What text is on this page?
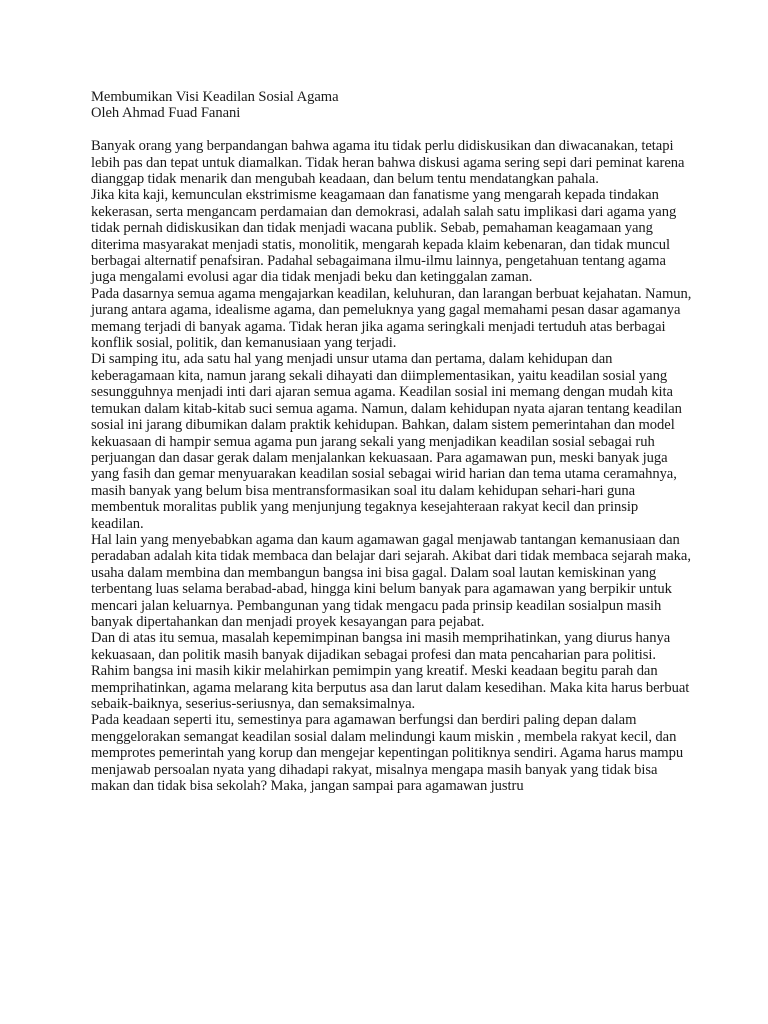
Membumikan Visi Keadilan Sosial Agama

Oleh Ahmad Fuad Fanani

Banyak orang yang berpandangan bahwa agama itu tidak perlu didiskusikan dan diwacanakan, tetapi lebih pas dan tepat untuk diamalkan. Tidak heran bahwa diskusi agama sering sepi dari peminat karena dianggap tidak menarik dan mengubah keadaan, dan belum tentu mendatangkan pahala.

Jika kita kaji, kemunculan ekstrimisme keagamaan dan fanatisme yang mengarah kepada tindakan kekerasan, serta mengancam perdamaian dan demokrasi, adalah salah satu implikasi dari agama yang tidak pernah didiskusikan dan tidak menjadi wacana publik. Sebab, pemahaman keagamaan yang diterima masyarakat menjadi statis, monolitik, mengarah kepada klaim kebenaran, dan tidak muncul berbagai alternatif penafsiran. Padahal sebagaimana ilmu-ilmu lainnya, pengetahuan tentang agama juga mengalami evolusi agar dia tidak menjadi beku dan ketinggalan zaman.

Pada dasarnya semua agama mengajarkan keadilan, keluhuran, dan larangan berbuat kejahatan. Namun, jurang antara agama, idealisme agama, dan pemeluknya yang gagal memahami pesan dasar agamanya memang terjadi di banyak agama. Tidak heran jika agama seringkali menjadi tertuduh atas berbagai konflik sosial, politik, dan kemanusiaan yang terjadi.

Di samping itu, ada satu hal yang menjadi unsur utama dan pertama, dalam kehidupan dan keberagamaan kita, namun jarang sekali dihayati dan diimplementasikan, yaitu keadilan sosial yang sesungguhnya menjadi inti dari ajaran semua agama. Keadilan sosial ini memang dengan mudah kita temukan dalam kitab-kitab suci semua agama. Namun, dalam kehidupan nyata ajaran tentang keadilan sosial ini jarang dibumikan dalam praktik kehidupan. Bahkan, dalam sistem pemerintahan dan model kekuasaan di hampir semua agama pun jarang sekali yang menjadikan keadilan sosial sebagai ruh perjuangan dan dasar gerak dalam menjalankan kekuasaan. Para agamawan pun, meski banyak juga yang fasih dan gemar menyuarakan keadilan sosial sebagai wirid harian dan tema utama ceramahnya, masih banyak yang belum bisa mentransformasikan soal itu dalam kehidupan sehari-hari guna membentuk moralitas publik yang menjunjung tegaknya kesejahteraan rakyat kecil dan prinsip keadilan.

Hal lain yang menyebabkan agama dan kaum agamawan gagal menjawab tantangan kemanusiaan dan peradaban adalah kita tidak membaca dan belajar dari sejarah. Akibat dari tidak membaca sejarah maka, usaha dalam membina dan membangun bangsa ini bisa gagal. Dalam soal lautan kemiskinan yang terbentang luas selama berabad-abad, hingga kini belum banyak para agamawan yang berpikir untuk mencari jalan keluarnya. Pembangunan yang tidak mengacu pada prinsip keadilan sosialpun masih banyak dipertahankan dan menjadi proyek kesayangan para pejabat.

Dan di atas itu semua, masalah kepemimpinan bangsa ini masih memprihatinkan, yang diurus hanya kekuasaan, dan politik masih banyak dijadikan sebagai profesi dan mata pencaharian para politisi. Rahim bangsa ini masih kikir melahirkan pemimpin yang kreatif. Meski keadaan begitu parah dan memprihatinkan, agama melarang kita berputus asa dan larut dalam kesedihan. Maka kita harus berbuat sebaik-baiknya, seserius-seriusnya, dan semaksimalnya.

Pada keadaan seperti itu, semestinya para agamawan berfungsi dan berdiri paling depan dalam menggelorakan semangat keadilan sosial dalam melindungi kaum miskin , membela rakyat kecil, dan memprotes pemerintah yang korup dan mengejar kepentingan politiknya sendiri. Agama harus mampu menjawab persoalan nyata yang dihadapi rakyat, misalnya mengapa masih banyak yang tidak bisa makan dan tidak bisa sekolah? Maka, jangan sampai para agamawan justru
